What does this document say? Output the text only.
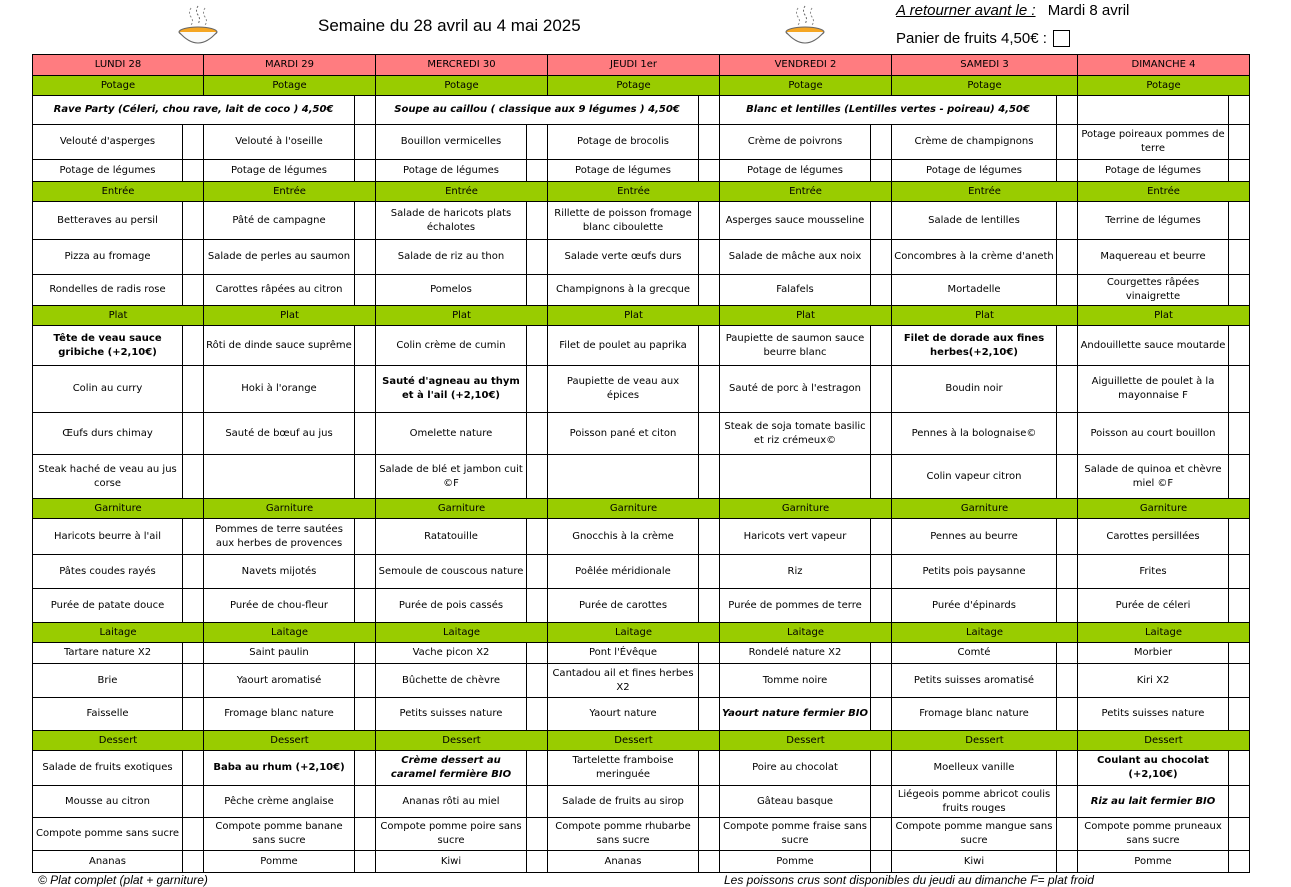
Semaine du 28 avril au 4 mai 2025
A retourner avant le : Mardi 8 avril
Panier de fruits 4,50€ :
LUNDI 28		MARDI 29		MERCREDI 30		JEUDI 1er		VENDREDI 2		SAMEDI 3		DIMANCHE 4	
Potage		Potage		Potage		Potage		Potage		Potage		Potage	
Rave Party (Céleri, chou rave, lait de coco ) 4,50€				Soupe au caillou ( classique aux 9 légumes ) 4,50€				Blanc et lentilles (Lentilles vertes - poireau) 4,50€					
Velouté d'asperges		Velouté à l'oseille		Bouillon vermicelles		Potage de brocolis		Crème de poivrons		Crème de champignons		Potage poireaux pommes de terre	
Potage de légumes		Potage de légumes		Potage de légumes		Potage de légumes		Potage de légumes		Potage de légumes		Potage de légumes	
Entrée		Entrée		Entrée		Entrée		Entrée		Entrée		Entrée	
Betteraves au persil		Pâté de campagne		Salade de haricots plats échalotes		Rillette de poisson fromage blanc ciboulette		Asperges sauce mousseline		Salade de lentilles		Terrine de légumes	
Pizza au fromage		Salade de perles au saumon		Salade de riz au thon		Salade verte œufs durs		Salade de mâche aux noix		Concombres à la crème d'aneth		Maquereau et beurre	
Rondelles de radis rose		Carottes râpées au citron		Pomelos		Champignons à la grecque		Falafels		Mortadelle		Courgettes râpées vinaigrette	
Plat		Plat		Plat		Plat		Plat		Plat		Plat	
Tête de veau sauce gribiche (+2,10€)		Rôti de dinde sauce suprême		Colin crème de cumin		Filet de poulet au paprika		Paupiette de saumon sauce beurre blanc		Filet de dorade aux fines herbes(+2,10€)		Andouillette sauce moutarde	
Colin au curry		Hoki à l'orange		Sauté d'agneau au thym et à l'ail (+2,10€)		Paupiette de veau aux épices		Sauté de porc à l'estragon		Boudin noir		Aiguillette de poulet à la mayonnaise F	
Œufs durs chimay		Sauté de bœuf au jus		Omelette nature		Poisson pané et citon		Steak de soja tomate basilic et riz crémeux©		Pennes à la bolognaise©		Poisson au court bouillon	
Steak haché de veau au jus corse				Salade de blé et jambon cuit ©F						Colin vapeur citron		Salade de quinoa et chèvre miel ©F	
Garniture		Garniture		Garniture		Garniture		Garniture		Garniture		Garniture	
Haricots beurre à l'ail		Pommes de terre sautées aux herbes de provences		Ratatouille		Gnocchis à la crème		Haricots vert vapeur		Pennes au beurre		Carottes persillées	
Pâtes coudes rayés		Navets mijotés		Semoule de couscous nature		Poêlée méridionale		Riz		Petits pois paysanne		Frites	
Purée de patate douce		Purée de chou-fleur		Purée de pois cassés		Purée de carottes		Purée de pommes de terre		Purée d'épinards		Purée de céleri	
Laitage		Laitage		Laitage		Laitage		Laitage		Laitage		Laitage	
Tartare nature X2		Saint paulin		Vache picon X2		Pont l'Évêque		Rondelé nature X2		Comté		Morbier	
Brie		Yaourt aromatisé		Bûchette de chèvre		Cantadou ail et fines herbes X2		Tomme noire		Petits suisses aromatisé		Kiri X2	
Faisselle		Fromage blanc nature		Petits suisses nature		Yaourt nature		Yaourt nature fermier BIO		Fromage blanc nature		Petits suisses nature	
Dessert		Dessert		Dessert		Dessert		Dessert		Dessert		Dessert	
Salade de fruits exotiques		Baba au rhum (+2,10€)		Crème dessert au caramel fermière BIO		Tartelette framboise meringuée		Poire au chocolat		Moelleux vanille		Coulant au chocolat (+2,10€)	
Mousse au citron		Pêche crème anglaise		Ananas rôti au miel		Salade de fruits au sirop		Gâteau basque		Liégeois pomme abricot coulis fruits rouges		Riz au lait fermier BIO	
Compote pomme sans sucre		Compote pomme banane sans sucre		Compote pomme poire sans sucre		Compote pomme rhubarbe sans sucre		Compote pomme fraise sans sucre		Compote pomme mangue sans sucre		Compote pomme pruneaux sans sucre	
Ananas		Pomme		Kiwi		Ananas		Pomme		Kiwi		Pomme	
© Plat complet (plat + garniture)	Les poissons crus sont disponibles du jeudi au dimanche F= plat froid
